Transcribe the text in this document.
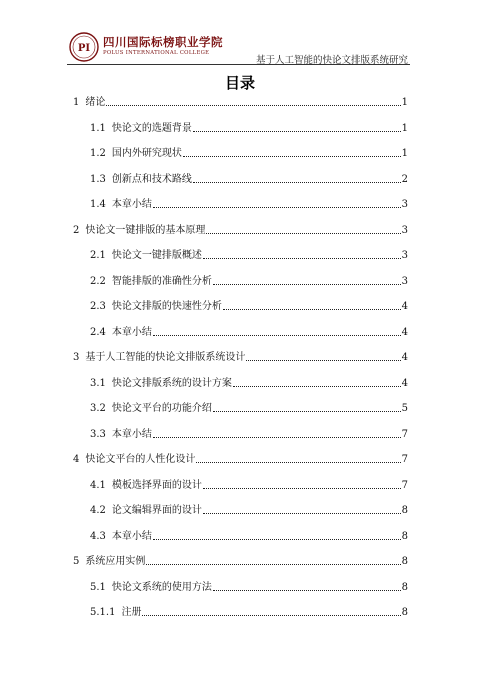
PI 四川国际标榜职业学院
POLUS INTERNATIONAL COLLEGE
基于人工智能的快论文排版系统研究
目录
1 绪论	1
1.1 快论文的选题背景	1
1.2 国内外研究现状	1
1.3 创新点和技术路线	2
1.4 本章小结	3
2 快论文一键排版的基本原理	3
2.1 快论文一键排版概述	3
2.2 智能排版的准确性分析	3
2.3 快论文排版的快速性分析	4
2.4 本章小结	4
3 基于人工智能的快论文排版系统设计	4
3.1 快论文排版系统的设计方案	4
3.2 快论文平台的功能介绍	5
3.3 本章小结	7
4 快论文平台的人性化设计	7
4.1 模板选择界面的设计	7
4.2 论文编辑界面的设计	8
4.3 本章小结	8
5 系统应用实例	8
5.1 快论文系统的使用方法	8
5.1.1 注册	8
